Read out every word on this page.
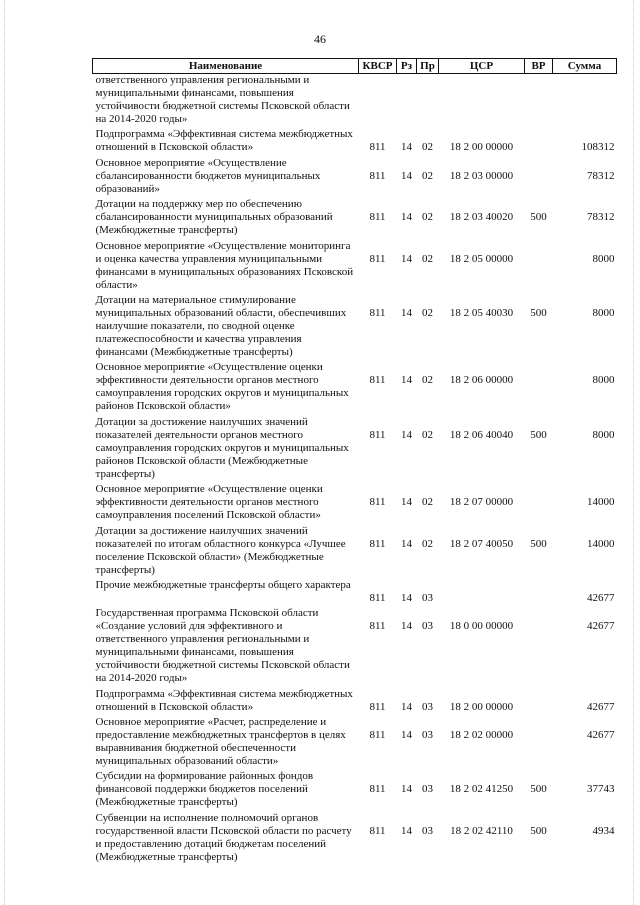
46
Наименование	КВСР	Рз	Пр	ЦСР	ВР	Сумма
ответственного управления региональными и муниципальными финансами, повышения устойчивости бюджетной системы Псковской области на 2014-2020 годы»						
Подпрограмма «Эффективная система межбюджетных отношений в Псковской области»	811	14	02	18 2 00 00000		108312
Основное мероприятие «Осуществление сбалансированности бюджетов муниципальных образований»	811	14	02	18 2 03 00000		78312
Дотации на поддержку мер по обеспечению сбалансированности муниципальных образований (Межбюджетные трансферты)	811	14	02	18 2 03 40020	500	78312
Основное мероприятие «Осуществление мониторинга и оценка качества управления муниципальными финансами в муниципальных образованиях Псковской области»	811	14	02	18 2 05 00000		8000
Дотации на материальное стимулирование муниципальных образований области, обеспечивших наилучшие показатели, по сводной оценке платежеспособности и качества управления финансами (Межбюджетные трансферты)	811	14	02	18 2 05 40030	500	8000
Основное мероприятие «Осуществление оценки эффективности деятельности органов местного самоуправления городских округов и муниципальных районов Псковской области»	811	14	02	18 2 06 00000		8000
Дотации за достижение наилучших значений показателей деятельности органов местного самоуправления городских округов и муниципальных районов Псковской области (Межбюджетные трансферты)	811	14	02	18 2 06 40040	500	8000
Основное мероприятие «Осуществление оценки эффективности деятельности органов местного самоуправления поселений Псковской области»	811	14	02	18 2 07 00000		14000
Дотации за достижение наилучших значений показателей по итогам областного конкурса «Лучшее поселение Псковской области» (Межбюджетные трансферты)	811	14	02	18 2 07 40050	500	14000
Прочие межбюджетные трансферты общего характера	811	14	03			42677
Государственная программа Псковской области «Создание условий для эффективного и ответственного управления региональными и муниципальными финансами, повышения устойчивости бюджетной системы Псковской области на 2014-2020 годы»	811	14	03	18 0 00 00000		42677
Подпрограмма «Эффективная система межбюджетных отношений в Псковской области»	811	14	03	18 2 00 00000		42677
Основное мероприятие «Расчет, распределение и предоставление межбюджетных трансфертов в целях выравнивания бюджетной обеспеченности муниципальных образований области»	811	14	03	18 2 02 00000		42677
Субсидии на формирование районных фондов финансовой поддержки бюджетов поселений (Межбюджетные трансферты)	811	14	03	18 2 02 41250	500	37743
Субвенции на исполнение полномочий органов государственной власти Псковской области по расчету и предоставлению дотаций бюджетам поселений (Межбюджетные трансферты)	811	14	03	18 2 02 42110	500	4934
